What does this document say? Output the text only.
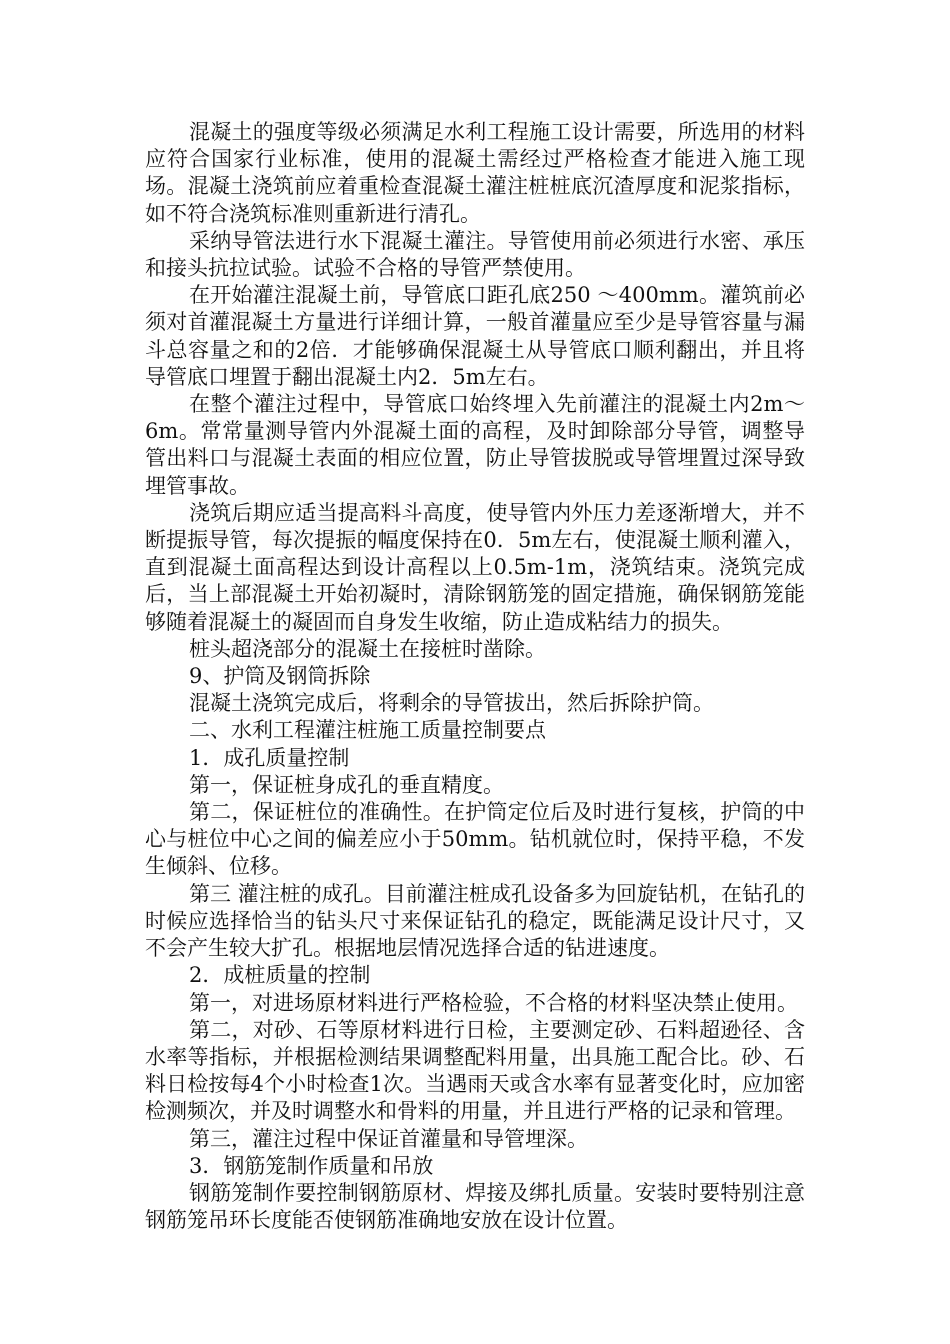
混凝土的强度等级必须满足水利工程施工设计需要，所选用的材料应符合国家行业标准，使用的混凝土需经过严格检查才能进入施工现场。混凝土浇筑前应着重检查混凝土灌注桩桩底沉渣厚度和泥浆指标，如不符合浇筑标准则重新进行清孔。

采纳导管法进行水下混凝土灌注。导管使用前必须进行水密、承压和接头抗拉试验。试验不合格的导管严禁使用。

在开始灌注混凝土前，导管底口距孔底250 ～400mm。灌筑前必须对首灌混凝土方量进行详细计算，一般首灌量应至少是导管容量与漏斗总容量之和的2倍．才能够确保混凝土从导管底口顺利翻出，并且将导管底口埋置于翻出混凝土内2．5m左右。

在整个灌注过程中，导管底口始终埋入先前灌注的混凝土内2m～6m。常常量测导管内外混凝土面的高程，及时卸除部分导管，调整导管出料口与混凝土表面的相应位置，防止导管拔脱或导管埋置过深导致埋管事故。

浇筑后期应适当提高料斗高度，使导管内外压力差逐渐增大，并不断提振导管，每次提振的幅度保持在0．5m左右，使混凝土顺利灌入，直到混凝土面高程达到设计高程以上0.5m-1m，浇筑结束。浇筑完成后，当上部混凝土开始初凝时，清除钢筋笼的固定措施，确保钢筋笼能够随着混凝土的凝固而自身发生收缩，防止造成粘结力的损失。

桩头超浇部分的混凝土在接桩时凿除。

9、护筒及钢筒拆除

混凝土浇筑完成后，将剩余的导管拔出，然后拆除护筒。

二、水利工程灌注桩施工质量控制要点

1．成孔质量控制

第一，保证桩身成孔的垂直精度。

第二，保证桩位的准确性。在护筒定位后及时进行复核，护筒的中心与桩位中心之间的偏差应小于50mm。钻机就位时，保持平稳，不发生倾斜、位移。

第三 灌注桩的成孔。目前灌注桩成孔设备多为回旋钻机，在钻孔的时候应选择恰当的钻头尺寸来保证钻孔的稳定，既能满足设计尺寸，又不会产生较大扩孔。根据地层情况选择合适的钻进速度。

2．成桩质量的控制

第一，对进场原材料进行严格检验，不合格的材料坚决禁止使用。

第二，对砂、石等原材料进行日检，主要测定砂、石料超逊径、含水率等指标，并根据检测结果调整配料用量，出具施工配合比。砂、石料日检按每4个小时检查1次。当遇雨天或含水率有显著变化时，应加密检测频次，并及时调整水和骨料的用量，并且进行严格的记录和管理。

第三，灌注过程中保证首灌量和导管埋深。

3．钢筋笼制作质量和吊放

钢筋笼制作要控制钢筋原材、焊接及绑扎质量。安装时要特别注意钢筋笼吊环长度能否使钢筋准确地安放在设计位置。
